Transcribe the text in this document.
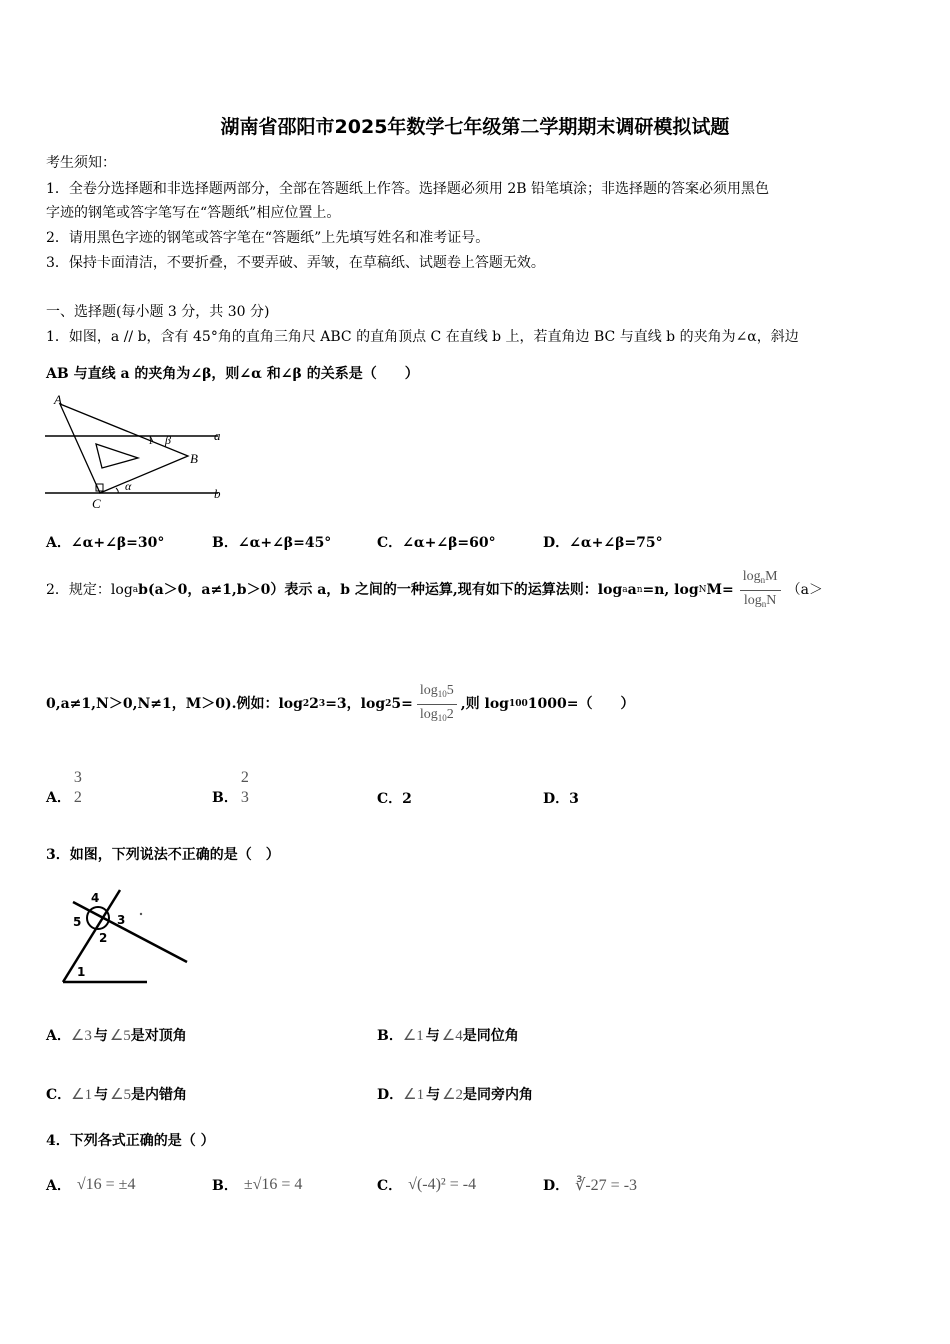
湖南省邵阳市2025年数学七年级第二学期期末调研模拟试题
考生须知：
1．全卷分选择题和非选择题两部分，全部在答题纸上作答。选择题必须用 2B 铅笔填涂；非选择题的答案必须用黑色
字迹的钢笔或答字笔写在“答题纸”相应位置上。
2．请用黑色字迹的钢笔或答字笔在“答题纸”上先填写姓名和准考证号。
3．保持卡面清洁，不要折叠，不要弄破、弄皱，在草稿纸、试题卷上答题无效。
一、选择题(每小题 3 分，共 30 分)
1．如图，a // b，含有 45°角的直角三角尺 ABC 的直角顶点 C 在直线 b 上，若直角边 BC 与直线 b 的夹角为∠α，斜边
AB 与直线 a 的夹角为∠β，则∠α 和∠β 的关系是（　　）
A
B
C
a
b
α
β
1
A．∠α+∠β=30°	B．∠α+∠β=45°	C．∠α+∠β=60°	D．∠α+∠β=75°
2．规定：log a b(a＞0，a≠1,b＞0）表示 a，b 之间的一种运算,现有如下的运算法则：log a a n =n, log N $M= \frac{\log_nM}{\log_nN} (a>$
0,a≠1,N＞0,N≠1，M＞0).例如：log 2 2 3 =3，log 2 $5= \frac{\log_{10}5}{\log_{10}2}$ ,则 log 100 1000=（　　）
A．
3
2	B．
2
3	C．2	D．3
3．如图，下列说法不正确的是（　）
4
3
5
2
1
A． ∠3 与 ∠5 是对顶角	B． ∠1 与 ∠4 是同位角
C． ∠1 与 ∠5 是内错角	D． ∠1 与 ∠2 是同旁内角
4．下列各式正确的是（ ）
A． √16 = ±4	B． ±√16 = 4	C． √(-4)² = -4	D． ∛-27 = -3
